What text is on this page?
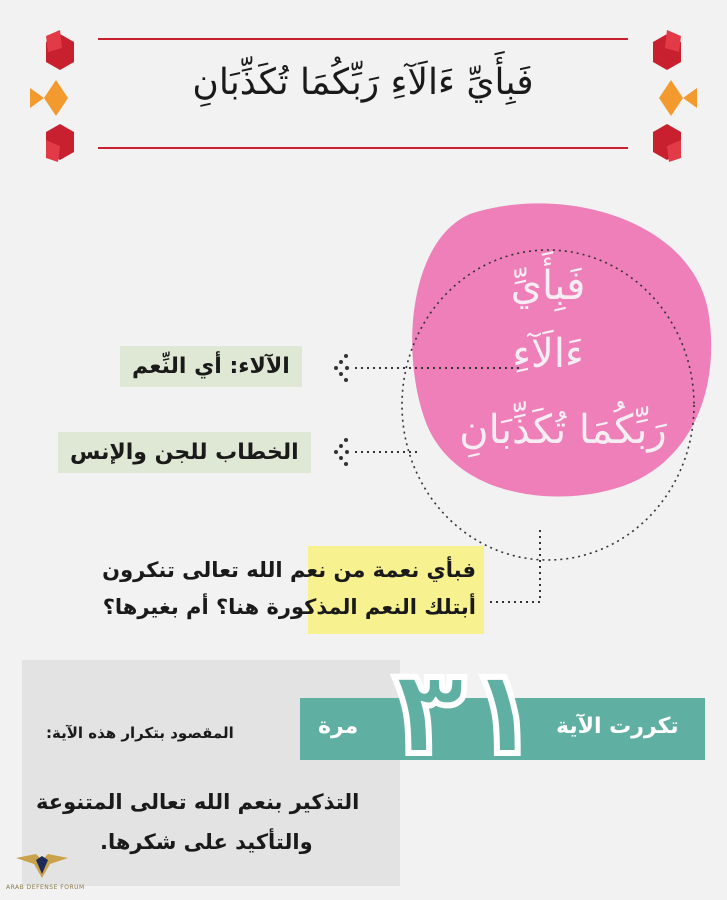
فَبِأَيِّ ءَالَآءِ رَبِّكُمَا تُكَذِّبَانِ
فَبِأَيِّ
ءَالَآءِ
رَبِّكُمَا تُكَذِّبَانِ
الآلاء: أي النِّعم
الخطاب للجن والإنس
فبأي نعمة من نعم الله تعالى تنكرون
أبتلك النعم المذكورة هنا؟ أم بغيرها؟
تكررت الآية
مرة ٣١
المقصود بتكرار هذه الآية:
التذكير بنعم الله تعالى المتنوعة
والتأكيد على شكرها.
ARAB DEFENSE FORUM
